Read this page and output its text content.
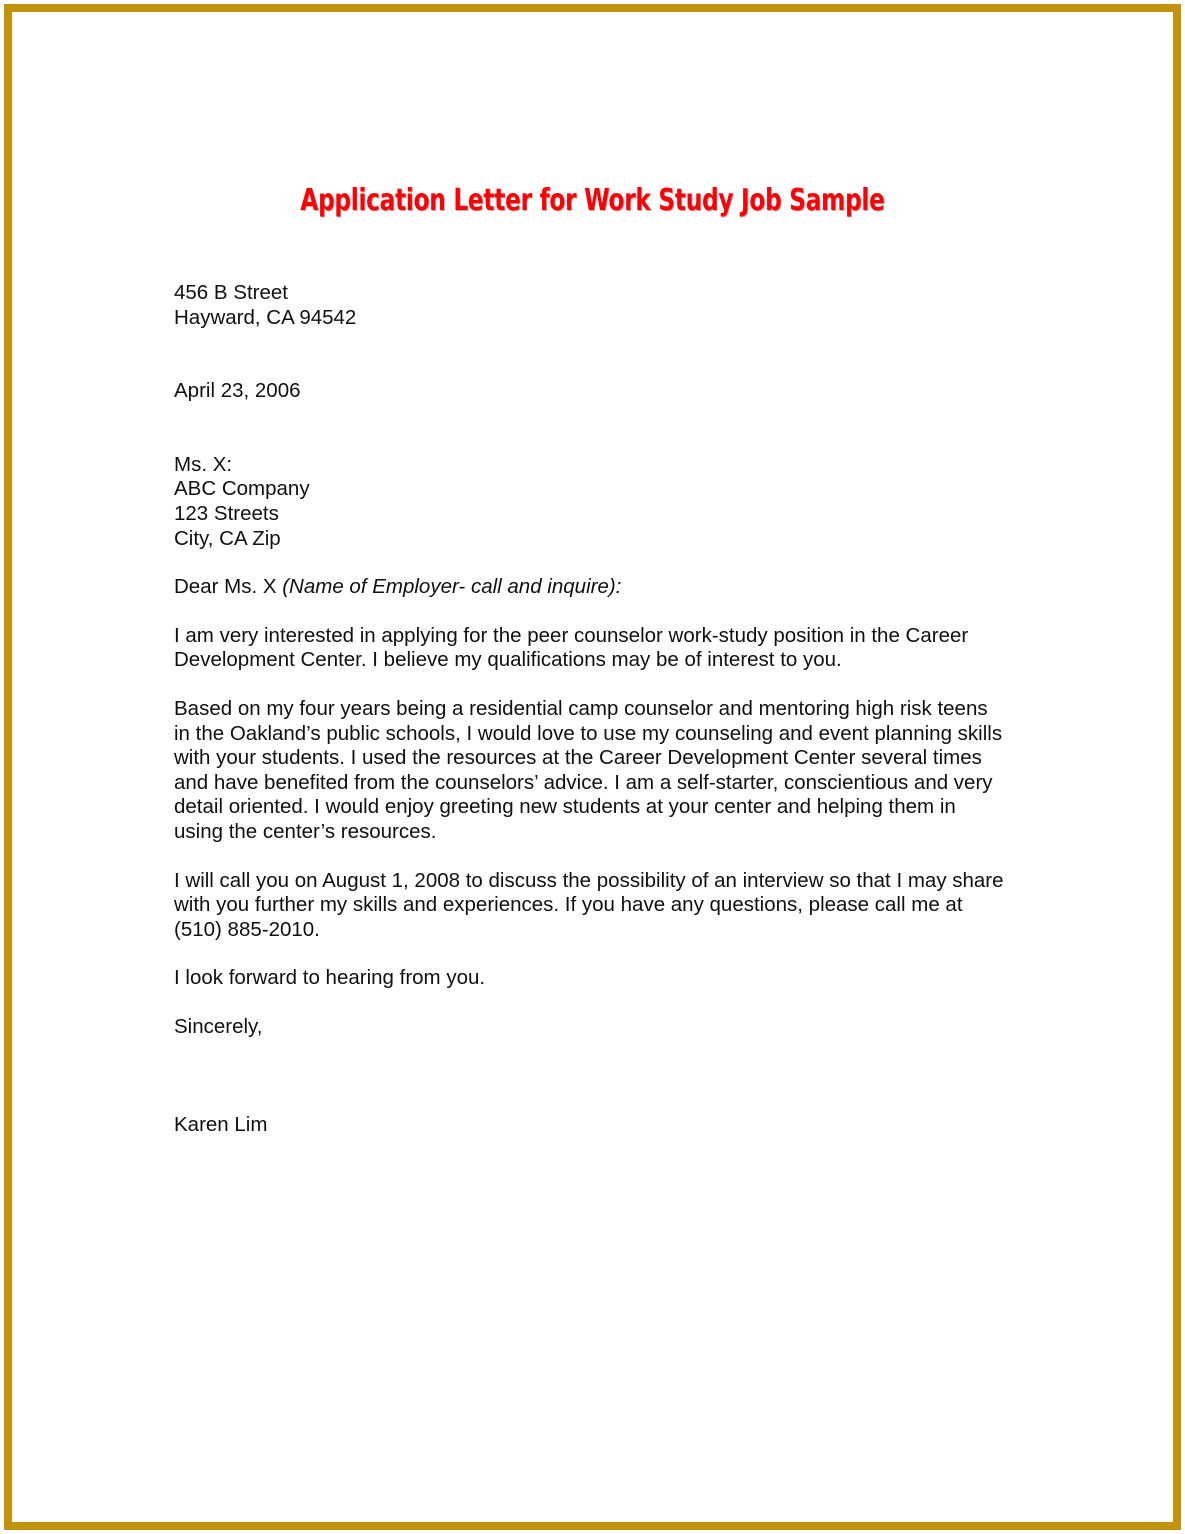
Application Letter for Work Study Job Sample
456 B Street
Hayward, CA 94542
April 23, 2006
Ms. X:
ABC Company
123 Streets
City, CA Zip

Dear Ms. X (Name of Employer- call and inquire):

I am very interested in applying for the peer counselor work-study position in the Career Development Center. I believe my qualifications may be of interest to you.

Based on my four years being a residential camp counselor and mentoring high risk teens in the Oakland’s public schools, I would love to use my counseling and event planning skills with your students. I used the resources at the Career Development Center several times and have benefited from the counselors’ advice. I am a self-starter, conscientious and very detail oriented. I would enjoy greeting new students at your center and helping them in using the center’s resources.

I will call you on August 1, 2008 to discuss the possibility of an interview so that I may share with you further my skills and experiences. If you have any questions, please call me at (510) 885-2010.

I look forward to hearing from you.

Sincerely,

Karen Lim
